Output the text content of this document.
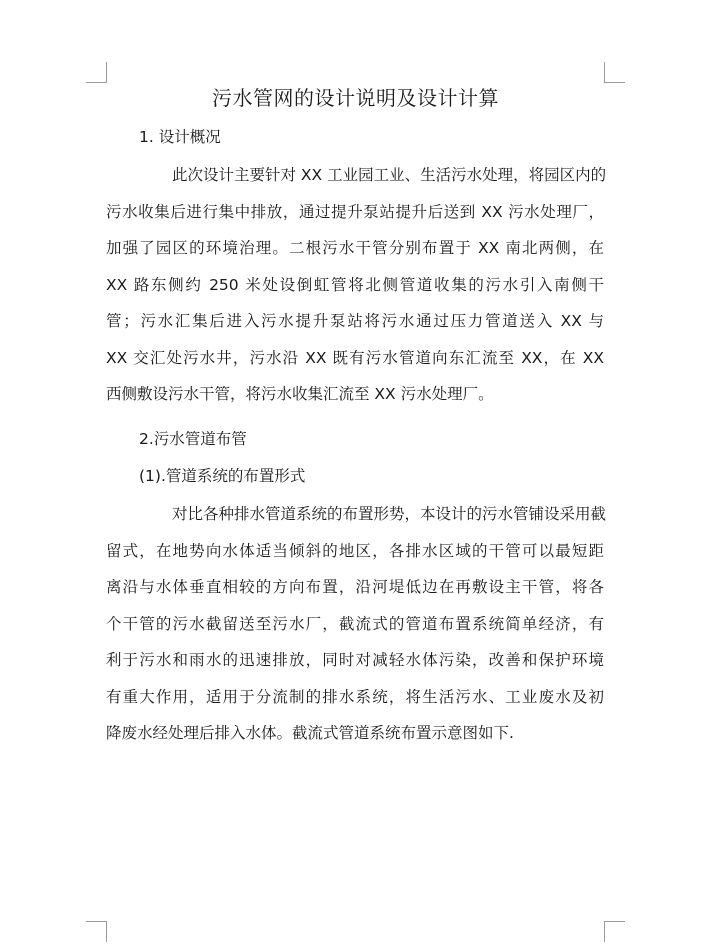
污水管网的设计说明及设计计算
1. 设计概况
此次设计主要针对 XX 工业园工业、生活污水处理，将园区内的
污水收集后进行集中排放，通过提升泵站提升后送到 XX 污水处理厂，
加强了园区的环境治理。二根污水干管分别布置于 XX 南北两侧，在
XX 路东侧约 250 米处设倒虹管将北侧管道收集的污水引入南侧干
管；污水汇集后进入污水提升泵站将污水通过压力管道送入 XX 与
XX 交汇处污水井，污水沿 XX 既有污水管道向东汇流至 XX，在 XX
西侧敷设污水干管，将污水收集汇流至 XX 污水处理厂。
2.污水管道布管
(1).管道系统的布置形式
对比各种排水管道系统的布置形势，本设计的污水管铺设采用截
留式，在地势向水体适当倾斜的地区，各排水区域的干管可以最短距
离沿与水体垂直相较的方向布置，沿河堤低边在再敷设主干管，将各
个干管的污水截留送至污水厂，截流式的管道布置系统简单经济，有
利于污水和雨水的迅速排放，同时对减轻水体污染，改善和保护环境
有重大作用，适用于分流制的排水系统，将生活污水、工业废水及初
降废水经处理后排入水体。截流式管道系统布置示意图如下.
